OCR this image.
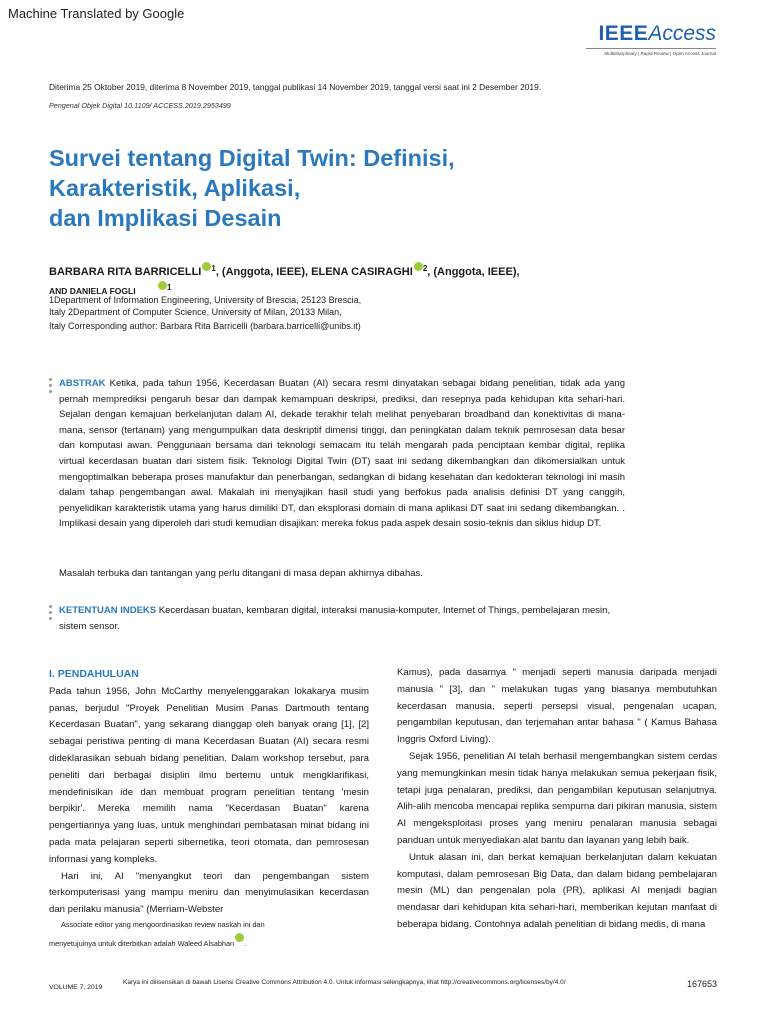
Machine Translated by Google
IEEEAccess
Multidisciplinary | Rapid Review | Open Access Journal
Diterima 25 Oktober 2019, diterima 8 November 2019, tanggal publikasi 14 November 2019, tanggal versi saat ini 2 Desember 2019.
Pengenal Objek Digital 10.1109/ ACCESS.2019.2953499
Survei tentang Digital Twin: Definisi,
Karakteristik, Aplikasi,
dan Implikasi Desain
BARBARA RITA BARRICELLI $^1$, (Anggota, IEEE), ELENA CASIRAGHI $^2$, (Anggota, IEEE),
AND DANIELA FOGLI	1
1Department of Information Engineering, University of Brescia, 25123 Brescia,
Italy 2Department of Computer Science, University of Milan, 20133 Milan,
Italy Corresponding author: Barbara Rita Barricelli (barbara.barricelli@unibs.it)
ABSTRAK Ketika, pada tahun 1956, Kecerdasan Buatan (AI) secara resmi dinyatakan sebagai bidang penelitian, tidak ada yang pernah memprediksi pengaruh besar dan dampak kemampuan deskripsi, prediksi, dan resepnya pada kehidupan kita sehari-hari. Sejalan dengan kemajuan berkelanjutan dalam AI, dekade terakhir telah melihat penyebaran broadband dan konektivitas di mana-mana, sensor (tertanam) yang mengumpulkan data deskriptif dimensi tinggi, dan peningkatan dalam teknik pemrosesan data besar dan komputasi awan. Penggunaan bersama dari teknologi semacam itu telah mengarah pada penciptaan kembar digital, replika virtual kecerdasan buatan dari sistem fisik. Teknologi Digital Twin (DT) saat ini sedang dikembangkan dan dikomersialkan untuk mengoptimalkan beberapa proses manufaktur dan penerbangan, sedangkan di bidang kesehatan dan kedokteran teknologi ini masih dalam tahap pengembangan awal. Makalah ini menyajikan hasil studi yang berfokus pada analisis definisi DT yang canggih, penyelidikan karakteristik utama yang harus dimiliki DT, dan eksplorasi domain di mana aplikasi DT saat ini sedang dikembangkan. . Implikasi desain yang diperoleh dari studi kemudian disajikan: mereka fokus pada aspek desain sosio-teknis dan siklus hidup DT.
Masalah terbuka dan tantangan yang perlu ditangani di masa depan akhirnya dibahas.
KETENTUAN INDEKS Kecerdasan buatan, kembaran digital, interaksi manusia-komputer, Internet of Things, pembelajaran mesin, sistem sensor.
I. PENDAHULUAN

Pada tahun 1956, John McCarthy menyelenggarakan lokakarya musim panas, berjudul "Proyek Penelitian Musim Panas Dartmouth tentang Kecerdasan Buatan", yang sekarang dianggap oleh banyak orang [1], [2] sebagai peristiwa penting di mana Kecerdasan Buatan (AI) secara resmi dideklarasikan sebuah bidang penelitian. Dalam workshop tersebut, para peneliti dari berbagai disiplin ilmu bertemu untuk mengklarifikasi, mendefinisikan ide dan membuat program penelitian tentang 'mesin berpikir'. Mereka memilih nama "Kecerdasan Buatan" karena pengertiannya yang luas, untuk menghindari pembatasan minat bidang ini pada mata pelajaran seperti sibernetika, teori otomata, dan pemrosesan informasi yang kompleks.

Hari ini, AI "menyangkut teori dan pengembangan sistem terkomputerisasi yang mampu meniru dan menyimulasikan kecerdasan dan perilaku manusia" (Merriam-Webster

Kamus), pada dasarnya " menjadi seperti manusia daripada menjadi manusia " [3], dan " melakukan tugas yang biasanya membutuhkan kecerdasan manusia, seperti persepsi visual, pengenalan ucapan, pengambilan keputusan, dan terjemahan antar bahasa " ( Kamus Bahasa Inggris Oxford Living).

Sejak 1956, penelitian AI telah berhasil mengembangkan sistem cerdas yang memungkinkan mesin tidak hanya melakukan semua pekerjaan fisik, tetapi juga penalaran, prediksi, dan pengambilan keputusan selanjutnya. Alih-alih mencoba mencapai replika sempurna dari pikiran manusia, sistem AI mengeksploitasi proses yang meniru penalaran manusia sebagai panduan untuk menyediakan alat bantu dan layanan yang lebih baik.

Untuk alasan ini, dan berkat kemajuan berkelanjutan dalam kekuatan komputasi, dalam pemrosesan Big Data, dan dalam bidang pembelajaran mesin (ML) dan pengenalan pola (PR), aplikasi AI menjadi bagian mendasar dari kehidupan kita sehari-hari, memberikan kejutan manfaat di beberapa bidang. Contohnya adalah penelitian di bidang medis, di mana

Associate editor yang mengoordinasikan review naskah ini dan
menyetujuinya untuk diterbitkan adalah Waleed Alsabhan .
VOLUME 7, 2019
Karya ini dilisensikan di bawah Lisensi Creative Commons Attribution 4.0. Untuk informasi selengkapnya, lihat http://creativecommons.org/licenses/by/4.0/	167653
